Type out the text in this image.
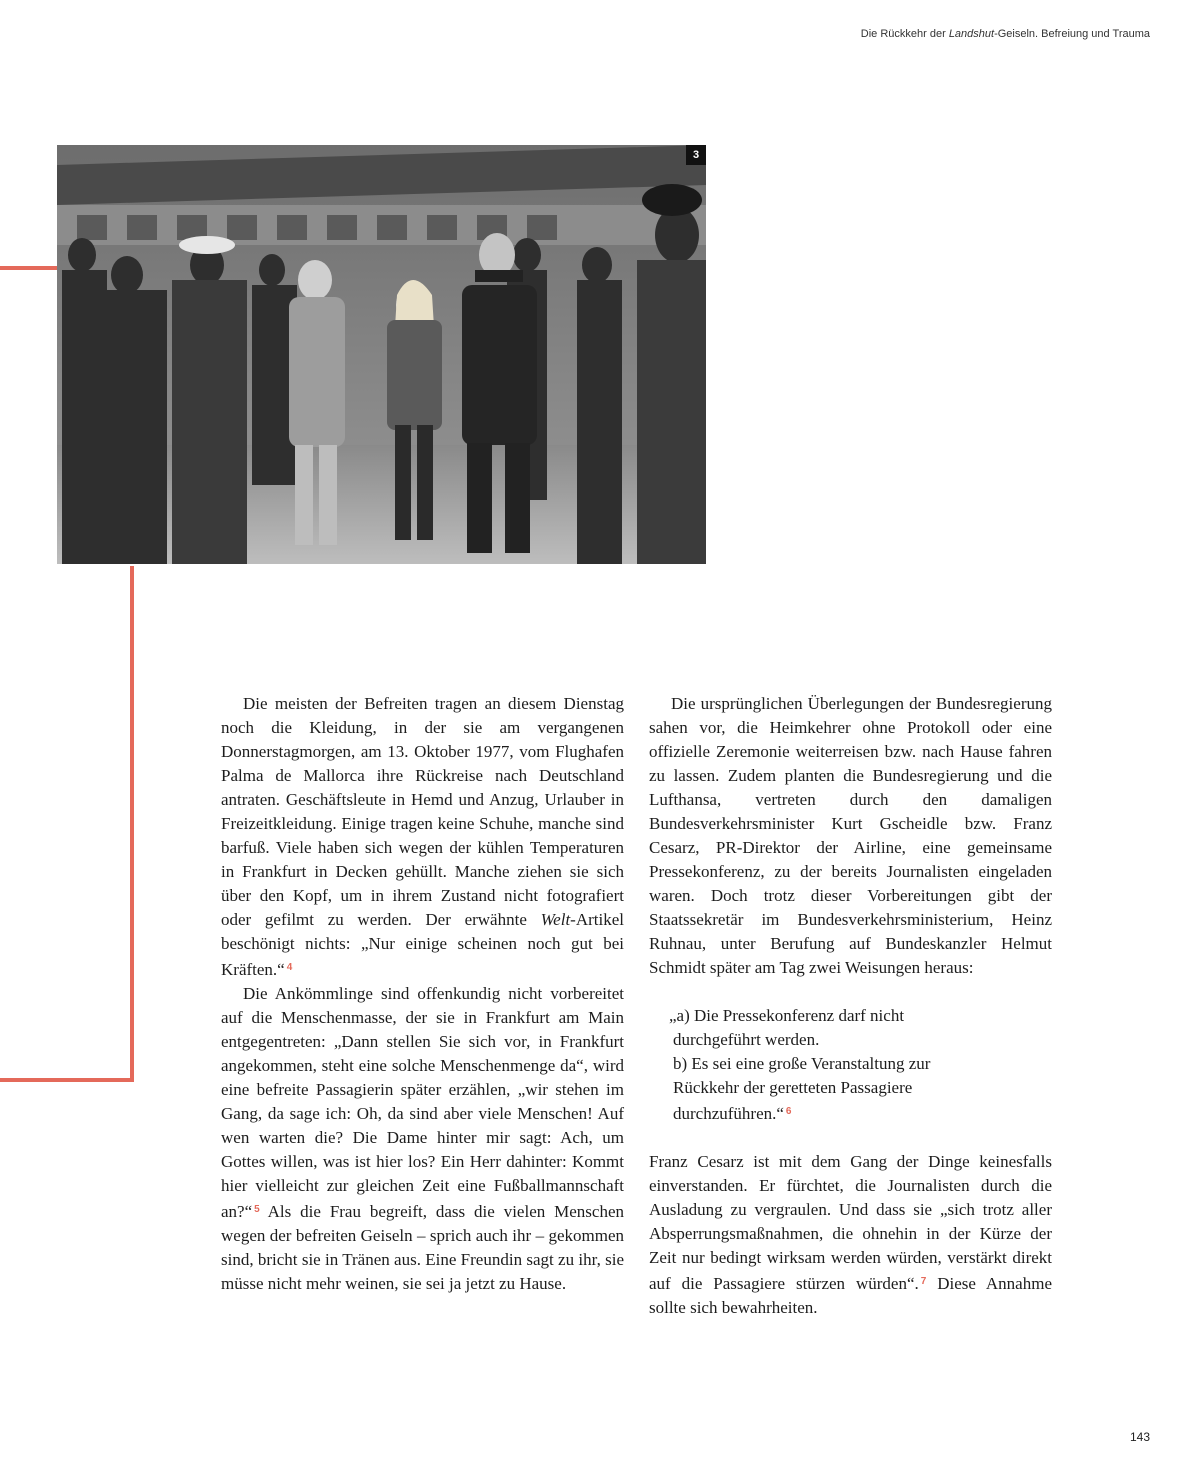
Die Rückkehr der Landshut-Geiseln. Befreiung und Trauma
3

Die meisten der Befreiten tragen an diesem Dienstag noch die Kleidung, in der sie am vergangenen Donnerstagmorgen, am 13. Oktober 1977, vom Flughafen Palma de Mallorca ihre Rückreise nach Deutschland antraten. Geschäftsleute in Hemd und Anzug, Urlauber in Freizeitkleidung. Einige tragen keine Schuhe, manche sind barfuß. Viele haben sich wegen der kühlen Temperaturen in Frankfurt in Decken gehüllt. Manche ziehen sie sich über den Kopf, um in ihrem Zustand nicht fotografiert oder gefilmt zu werden. Der erwähnte Welt-Artikel beschönigt nichts: „Nur einige scheinen noch gut bei Kräften.“ $^4$

Die Ankömmlinge sind offenkundig nicht vorbereitet auf die Menschenmasse, der sie in Frankfurt am Main entgegentreten: „Dann stellen Sie sich vor, in Frankfurt angekommen, steht eine solche Menschenmenge da“, wird eine befreite Passagierin später erzählen, „wir stehen im Gang, da sage ich: Oh, da sind aber viele Menschen! Auf wen warten die? Die Dame hinter mir sagt: Ach, um Gottes willen, was ist hier los? Ein Herr dahinter: Kommt hier vielleicht zur gleichen Zeit eine Fußballmannschaft an?“ $^5$ Als die Frau begreift, dass die vielen Menschen wegen der befreiten Geiseln – sprich auch ihr – gekommen sind, bricht sie in Tränen aus. Eine Freundin sagt zu ihr, sie müsse nicht mehr weinen, sie sei ja jetzt zu Hause.

Die ursprünglichen Überlegungen der Bundesregierung sahen vor, die Heimkehrer ohne Protokoll oder eine offizielle Zeremonie weiterreisen bzw. nach Hause fahren zu lassen. Zudem planten die Bundesregierung und die Lufthansa, vertreten durch den damaligen Bundesverkehrsminister Kurt Gscheidle bzw. Franz Cesarz, PR-Direktor der Airline, eine gemeinsame Pressekonferenz, zu der bereits Journalisten eingeladen waren. Doch trotz dieser Vorbereitungen gibt der Staatssekretär im Bundesverkehrsministerium, Heinz Ruhnau, unter Berufung auf Bundeskanzler Helmut Schmidt später am Tag zwei Weisungen heraus:

„a) Die Pressekonferenz darf nicht
durchgeführt werden.
b) Es sei eine große Veranstaltung zur
Rückkehr der geretteten Passagiere
durchzuführen.“ $^6$

Franz Cesarz ist mit dem Gang der Dinge keinesfalls einverstanden. Er fürchtet, die Journalisten durch die Ausladung zu vergraulen. Und dass sie „sich trotz aller Absperrungsmaßnahmen, die ohnehin in der Kürze der Zeit nur bedingt wirksam werden würden, verstärkt direkt auf die Passagiere stürzen würden“. $^7$ Diese Annahme sollte sich bewahrheiten.

143
